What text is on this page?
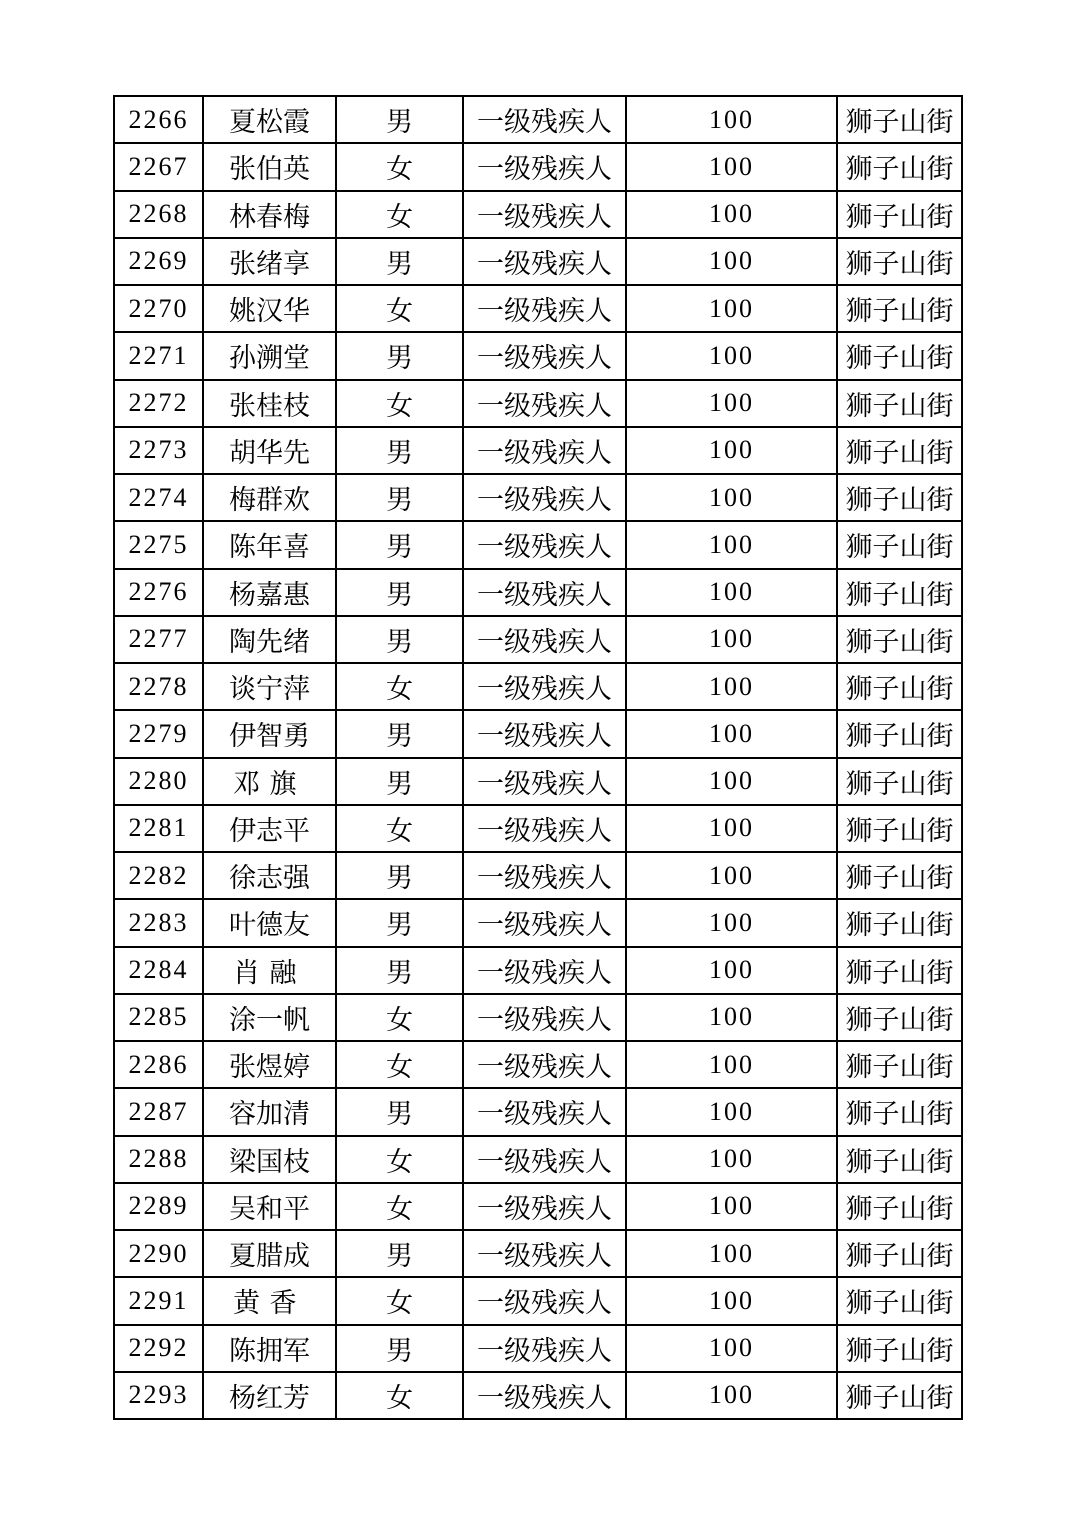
2266	夏松霞	男	一级残疾人	100	狮子山街
2267	张伯英	女	一级残疾人	100	狮子山街
2268	林春梅	女	一级残疾人	100	狮子山街
2269	张绪享	男	一级残疾人	100	狮子山街
2270	姚汉华	女	一级残疾人	100	狮子山街
2271	孙溯堂	男	一级残疾人	100	狮子山街
2272	张桂枝	女	一级残疾人	100	狮子山街
2273	胡华先	男	一级残疾人	100	狮子山街
2274	梅群欢	男	一级残疾人	100	狮子山街
2275	陈年喜	男	一级残疾人	100	狮子山街
2276	杨嘉惠	男	一级残疾人	100	狮子山街
2277	陶先绪	男	一级残疾人	100	狮子山街
2278	谈宁萍	女	一级残疾人	100	狮子山街
2279	伊智勇	男	一级残疾人	100	狮子山街
2280	邓旗	男	一级残疾人	100	狮子山街
2281	伊志平	女	一级残疾人	100	狮子山街
2282	徐志强	男	一级残疾人	100	狮子山街
2283	叶德友	男	一级残疾人	100	狮子山街
2284	肖融	男	一级残疾人	100	狮子山街
2285	涂一帆	女	一级残疾人	100	狮子山街
2286	张煜婷	女	一级残疾人	100	狮子山街
2287	容加清	男	一级残疾人	100	狮子山街
2288	梁国枝	女	一级残疾人	100	狮子山街
2289	吴和平	女	一级残疾人	100	狮子山街
2290	夏腊成	男	一级残疾人	100	狮子山街
2291	黄香	女	一级残疾人	100	狮子山街
2292	陈拥军	男	一级残疾人	100	狮子山街
2293	杨红芳	女	一级残疾人	100	狮子山街
